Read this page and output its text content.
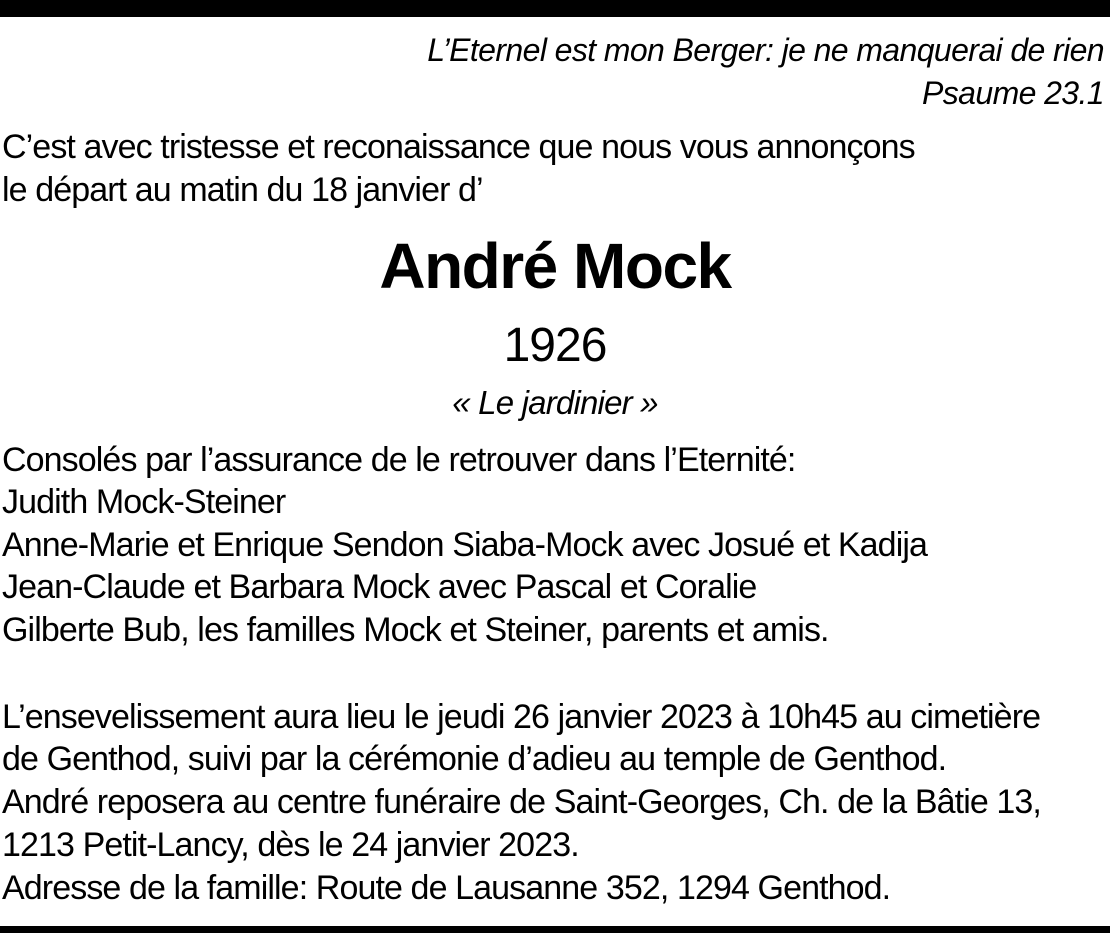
L’Eternel est mon Berger: je ne manquerai de rien
Psaume 23.1
C’est avec tristesse et reconaissance que nous vous annonçons
le départ au matin du 18 janvier d’
André Mock
1926
« Le jardinier »
Consolés par l’assurance de le retrouver dans l’Eternité:
Judith Mock-Steiner
Anne-Marie et Enrique Sendon Siaba-Mock avec Josué et Kadija
Jean-Claude et Barbara Mock avec Pascal et Coralie
Gilberte Bub, les familles Mock et Steiner, parents et amis.
L’ensevelissement aura lieu le jeudi 26 janvier 2023 à 10h45 au cimetière
de Genthod, suivi par la cérémonie d’adieu au temple de Genthod.
André reposera au centre funéraire de Saint-Georges, Ch. de la Bâtie 13,
1213 Petit-Lancy, dès le 24 janvier 2023.
Adresse de la famille: Route de Lausanne 352, 1294 Genthod.
